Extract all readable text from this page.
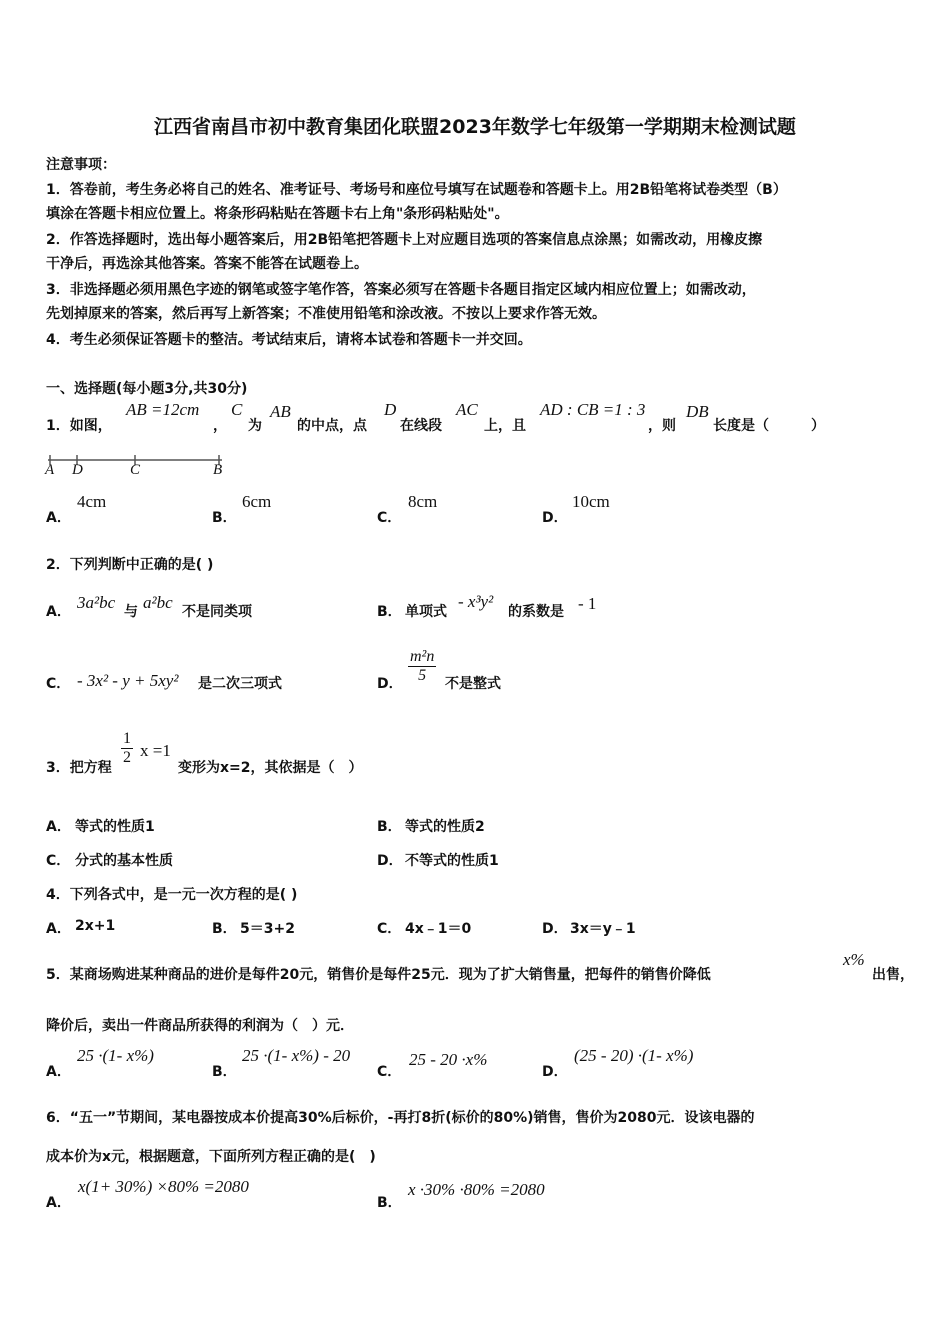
江西省南昌市初中教育集团化联盟2023年数学七年级第一学期期末检测试题
注意事项：
1．答卷前，考生务必将自己的姓名、准考证号、考场号和座位号填写在试题卷和答题卡上。用2B铅笔将试卷类型（B）
填涂在答题卡相应位置上。将条形码粘贴在答题卡右上角"条形码粘贴处"。
2．作答选择题时，选出每小题答案后，用2B铅笔把答题卡上对应题目选项的答案信息点涂黑；如需改动，用橡皮擦
干净后，再选涂其他答案。答案不能答在试题卷上。
3．非选择题必须用黑色字迹的钢笔或签字笔作答，答案必须写在答题卡各题目指定区域内相应位置上；如需改动，
先划掉原来的答案，然后再写上新答案；不准使用铅笔和涂改液。不按以上要求作答无效。
4．考生必须保证答题卡的整洁。考试结束后，请将本试卷和答题卡一并交回。
一、选择题(每小题3分,共30分)
1．如图，
AB =12cm
，
C
为
AB
的中点，点
D
在线段
AC
上，且
AD : CB =1 : 3
，则
DB
长度是（　　　）
A D	C	B
A．
4cm
B．
6cm
C．
8cm
D．
10cm
2．下列判断中正确的是( )
A． 3a²bc 与 a²bc 不是同类项	B． 单项式
- x³y²
的系数是 - 1
C． - 3x² - y + 5xy² 是二次三项式	D． $\frac{\text{m²n}}{5}$ 不是整式
3．把方程
$\frac{1}{2}$ x =1
变形为x=2，其依据是（　）
A． 等式的性质1	B． 等式的性质2
C． 分式的基本性质	D． 不等式的性质1
4．下列各式中，是一元一次方程的是( )
A． 2x+1	B． 5＝3+2	C． 4x﹣1＝0	D． 3x＝y﹣1
5．某商场购进某种商品的进价是每件20元，销售价是每件25元．现为了扩大销售量，把每件的销售价降低
x%
出售，
降价后，卖出一件商品所获得的利润为（　）元．
A．
25 ·(1- x%)
B．
25 ·(1- x%) - 20
C．
25 - 20 ·x%
D．
(25 - 20) ·(1- x%)
6．“五一”节期间，某电器按成本价提高30%后标价，-再打8折(标价的80%)销售，售价为2080元．设该电器的
成本价为x元，根据题意，下面所列方程正确的是(　)
A．
x(1+ 30%) ×80% =2080
B．
x ·30% ·80% =2080
